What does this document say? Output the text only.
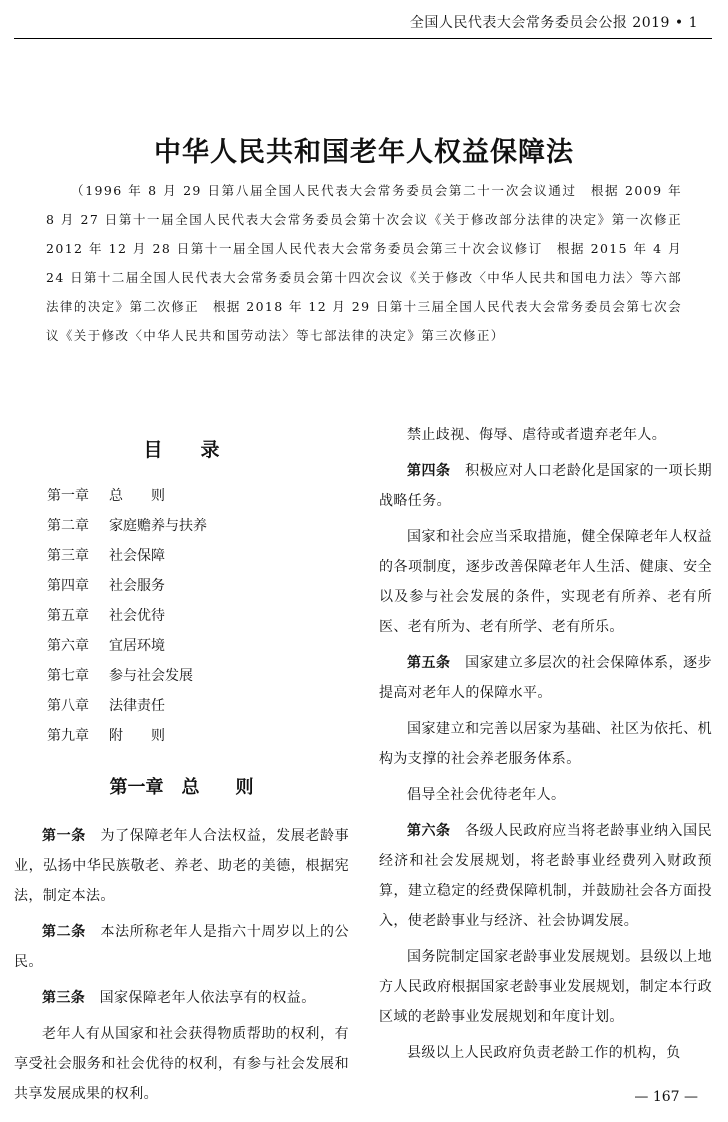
全国人民代表大会常务委员会公报 2019 • 1
中华人民共和国老年人权益保障法

（1996 年 8 月 29 日第八届全国人民代表大会常务委员会第二十一次会议通过　根据 2009 年 8 月 27 日第十一届全国人民代表大会常务委员会第十次会议《关于修改部分法律的决定》第一次修正　2012 年 12 月 28 日第十一届全国人民代表大会常务委员会第三十次会议修订　根据 2015 年 4 月 24 日第十二届全国人民代表大会常务委员会第十四次会议《关于修改〈中华人民共和国电力法〉等六部法律的决定》第二次修正　根据 2018 年 12 月 29 日第十三届全国人民代表大会常务委员会第七次会议《关于修改〈中华人民共和国劳动法〉等七部法律的决定》第三次修正）

目　　录
第一章 总　　则
第二章 家庭赡养与扶养
第三章 社会保障
第四章 社会服务
第五章 社会优待
第六章 宜居环境
第七章 参与社会发展
第八章 法律责任
第九章 附　　则
第一章　总　　则

第一条　为了保障老年人合法权益，发展老龄事业，弘扬中华民族敬老、养老、助老的美德，根据宪法，制定本法。

第二条　本法所称老年人是指六十周岁以上的公民。

第三条　国家保障老年人依法享有的权益。

老年人有从国家和社会获得物质帮助的权利，有享受社会服务和社会优待的权利，有参与社会发展和共享发展成果的权利。

禁止歧视、侮辱、虐待或者遗弃老年人。

第四条　积极应对人口老龄化是国家的一项长期战略任务。

国家和社会应当采取措施，健全保障老年人权益的各项制度，逐步改善保障老年人生活、健康、安全以及参与社会发展的条件，实现老有所养、老有所医、老有所为、老有所学、老有所乐。

第五条　国家建立多层次的社会保障体系，逐步提高对老年人的保障水平。

国家建立和完善以居家为基础、社区为依托、机构为支撑的社会养老服务体系。

倡导全社会优待老年人。

第六条　各级人民政府应当将老龄事业纳入国民经济和社会发展规划，将老龄事业经费列入财政预算，建立稳定的经费保障机制，并鼓励社会各方面投入，使老龄事业与经济、社会协调发展。

国务院制定国家老龄事业发展规划。县级以上地方人民政府根据国家老龄事业发展规划，制定本行政区域的老龄事业发展规划和年度计划。

县级以上人民政府负责老龄工作的机构，负

— 167 —
